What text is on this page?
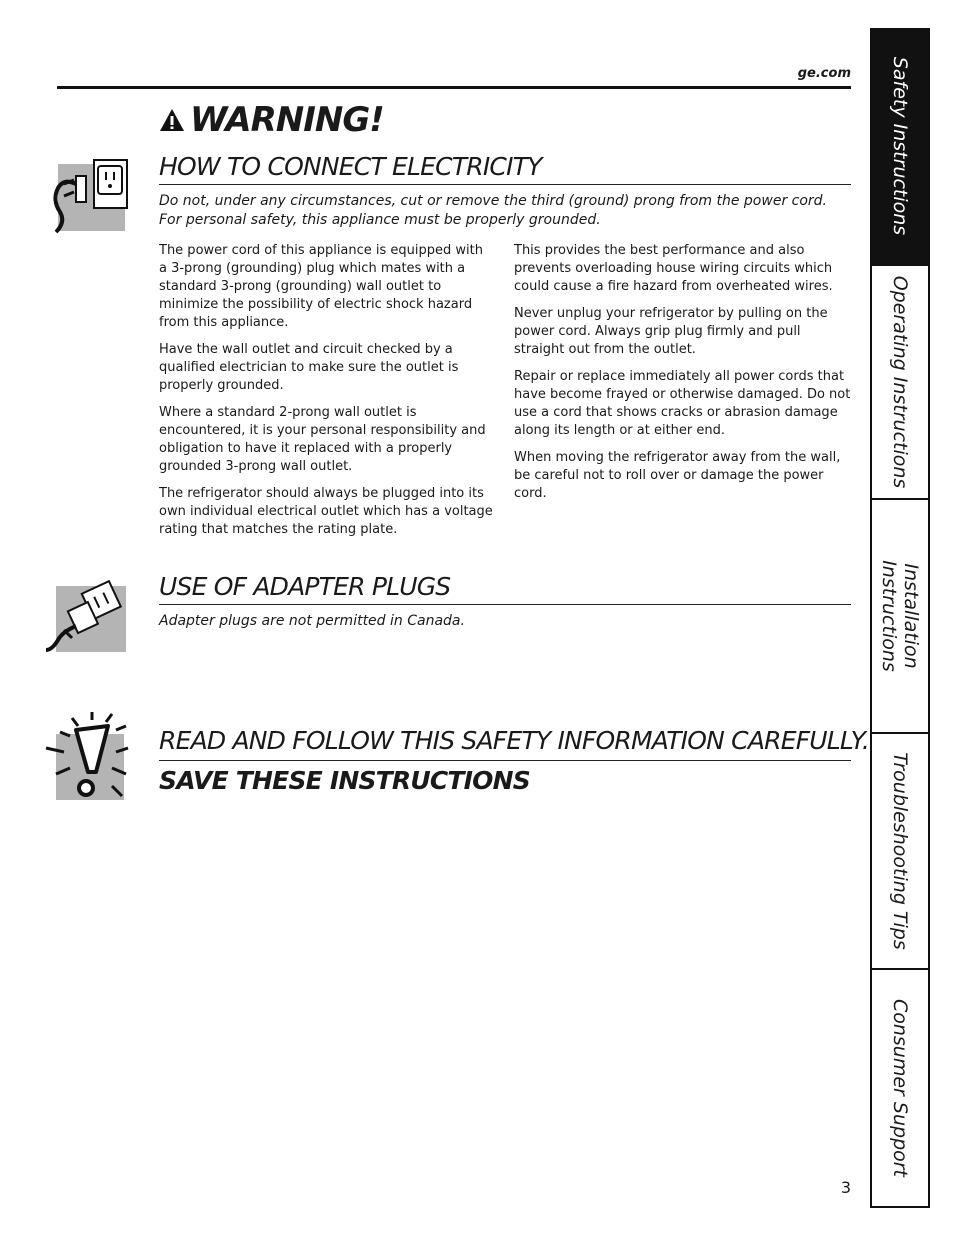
ge.com
WARNING!
HOW TO CONNECT ELECTRICITY

Do not, under any circumstances, cut or remove the third (ground) prong from the power cord.

For personal safety, this appliance must be properly grounded.

The power cord of this appliance is equipped with a 3-prong (grounding) plug which mates with a standard 3-prong (grounding) wall outlet to minimize the possibility of electric shock hazard from this appliance.

Have the wall outlet and circuit checked by a qualified electrician to make sure the outlet is properly grounded.

Where a standard 2-prong wall outlet is encountered, it is your personal responsibility and obligation to have it replaced with a properly grounded 3-prong wall outlet.

The refrigerator should always be plugged into its own individual electrical outlet which has a voltage rating that matches the rating plate.

This provides the best performance and also prevents overloading house wiring circuits which could cause a fire hazard from overheated wires.

Never unplug your refrigerator by pulling on the power cord. Always grip plug firmly and pull straight out from the outlet.

Repair or replace immediately all power cords that have become frayed or otherwise damaged. Do not use a cord that shows cracks or abrasion damage along its length or at either end.

When moving the refrigerator away from the wall, be careful not to roll over or damage the power cord.

USE OF ADAPTER PLUGS
Adapter plugs are not permitted in Canada.
READ AND FOLLOW THIS SAFETY INFORMATION CAREFULLY.
SAVE THESE INSTRUCTIONS
Safety Instructions
Operating Instructions
Installation
Instructions
Troubleshooting Tips
Consumer Support
3
